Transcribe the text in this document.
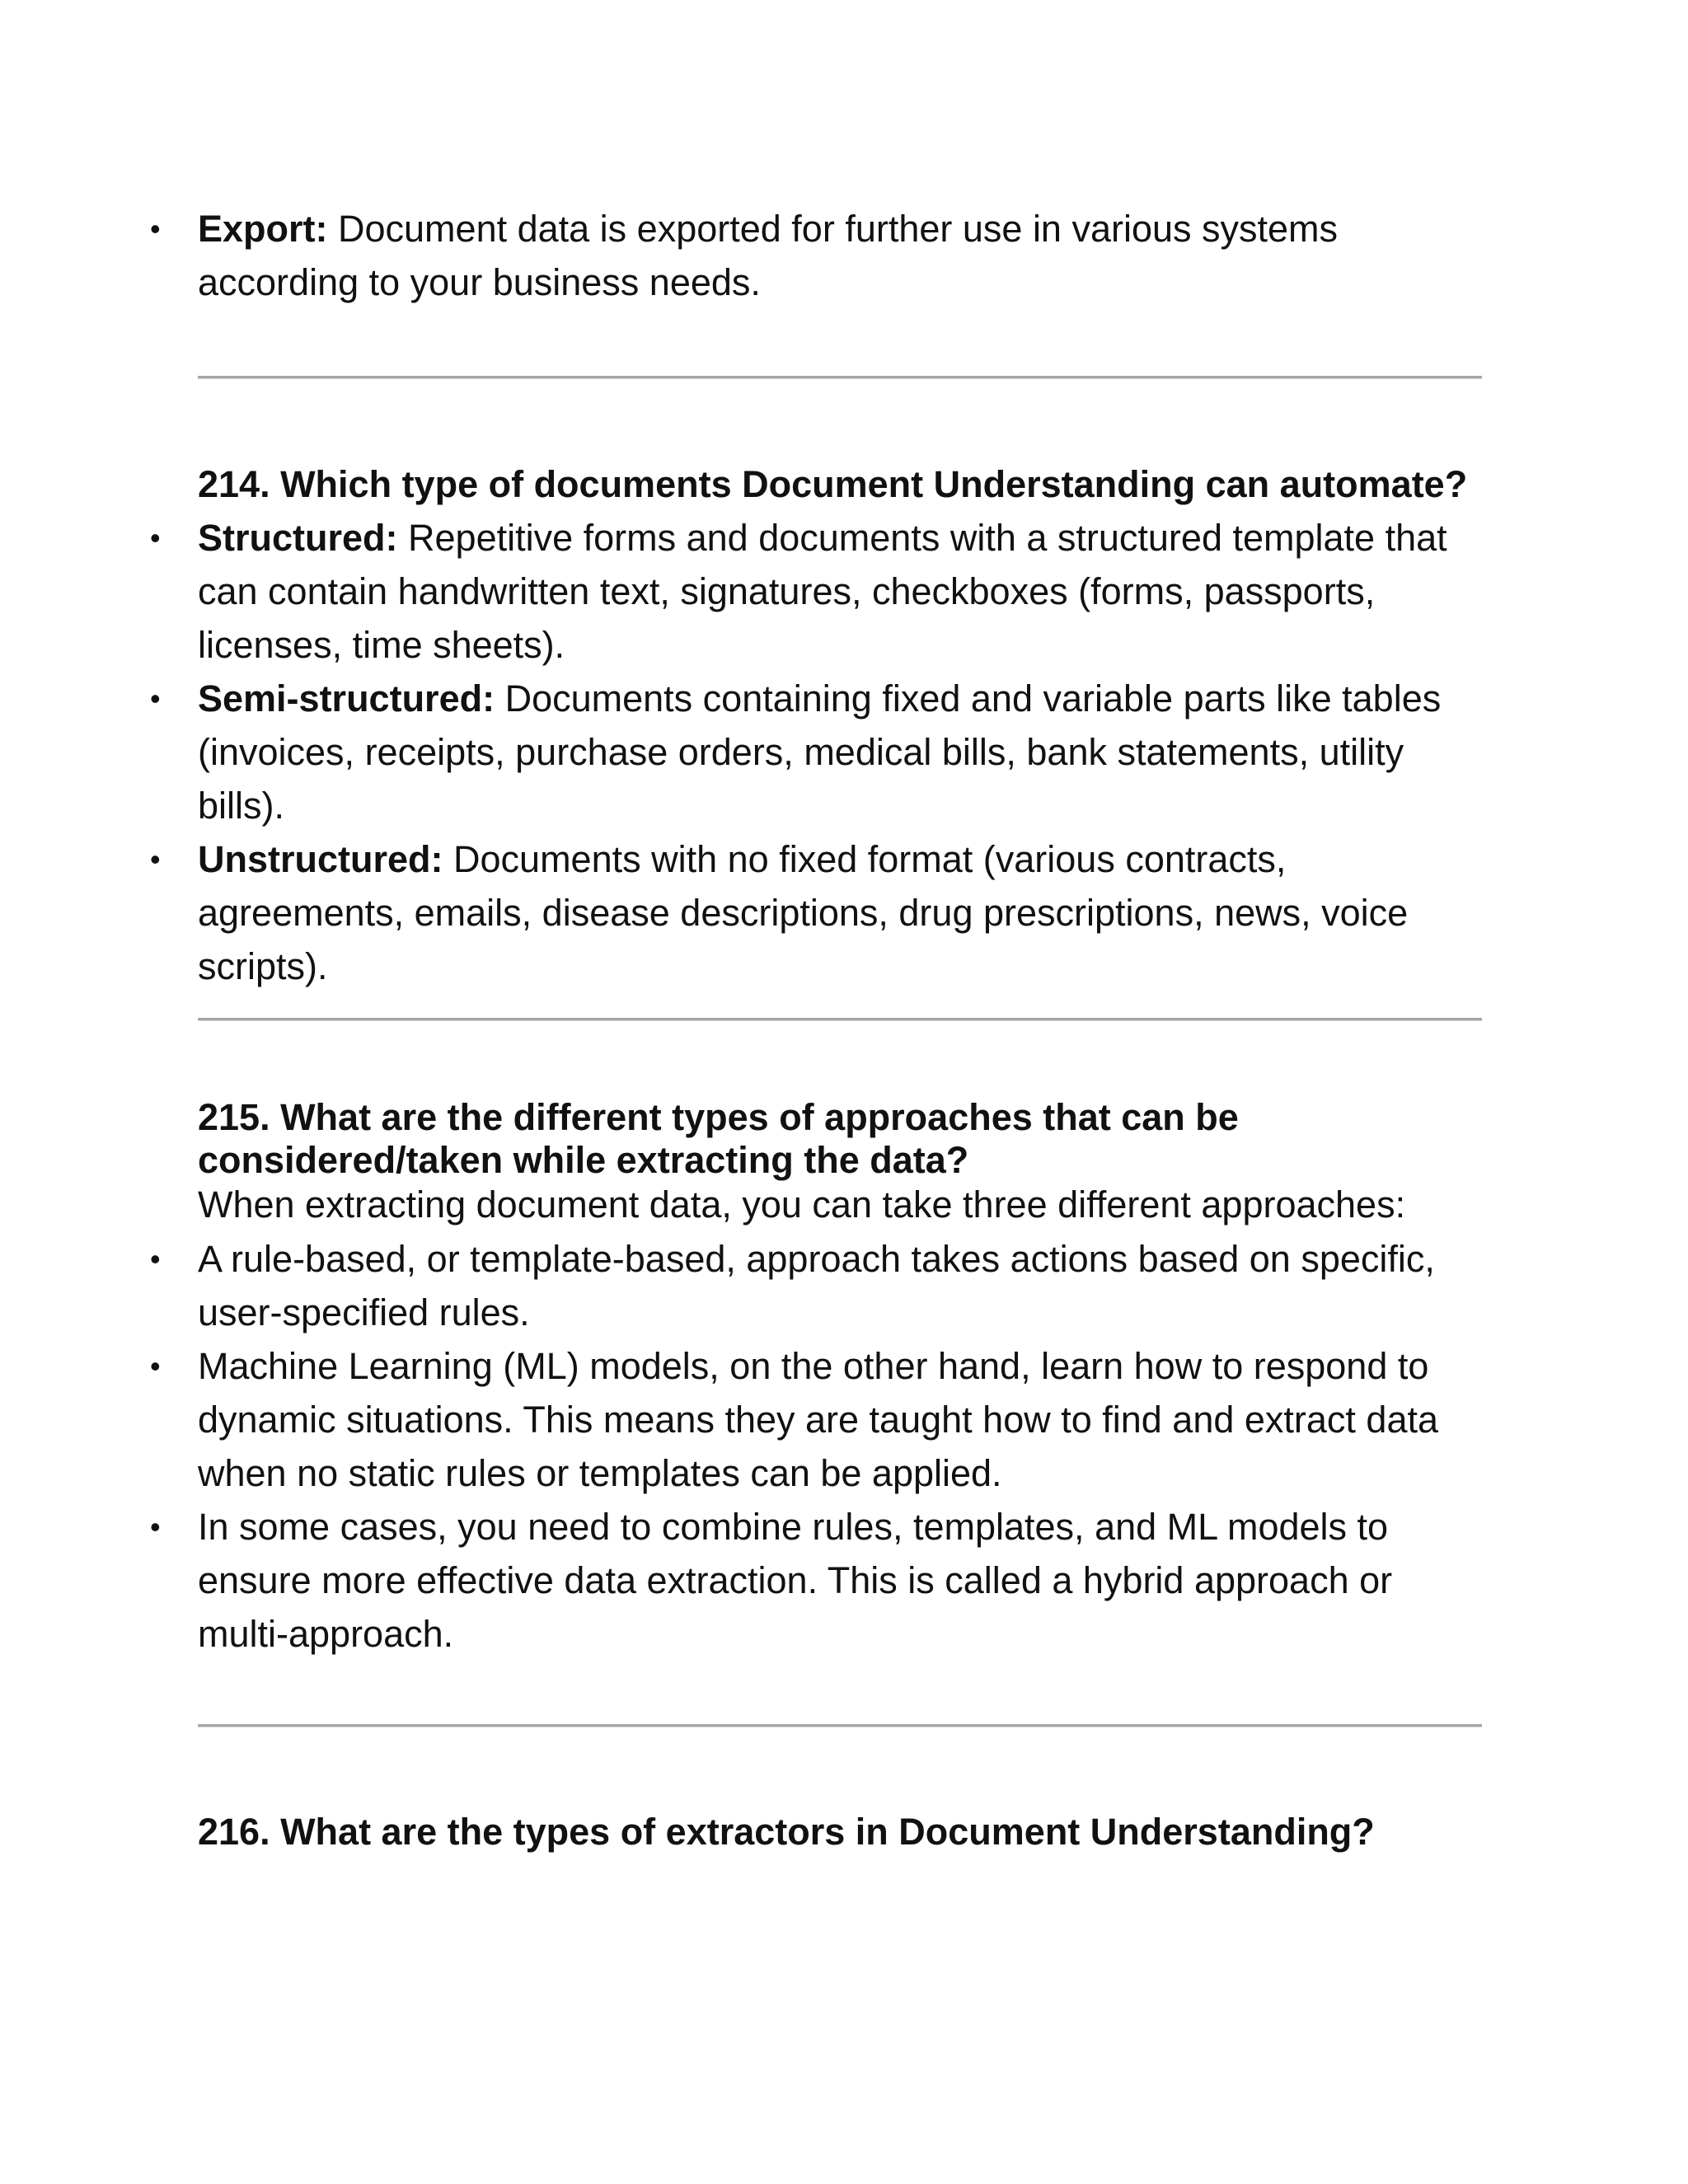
• Export: Document data is exported for further use in various systems according to your business needs.
214. Which type of documents Document Understanding can automate?
• Structured: Repetitive forms and documents with a structured template that can contain handwritten text, signatures, checkboxes (forms, passports, licenses, time sheets).
• Semi-structured: Documents containing fixed and variable parts like tables (invoices, receipts, purchase orders, medical bills, bank statements, utility bills).
• Unstructured: Documents with no fixed format (various contracts, agreements, emails, disease descriptions, drug prescriptions, news, voice scripts).
215. What are the different types of approaches that can be considered/taken while extracting the data?
When extracting document data, you can take three different approaches:
• A rule-based, or template-based, approach takes actions based on specific, user-specified rules.
• Machine Learning (ML) models, on the other hand, learn how to respond to dynamic situations. This means they are taught how to find and extract data when no static rules or templates can be applied.
• In some cases, you need to combine rules, templates, and ML models to ensure more effective data extraction. This is called a hybrid approach or multi-approach.
216. What are the types of extractors in Document Understanding?
